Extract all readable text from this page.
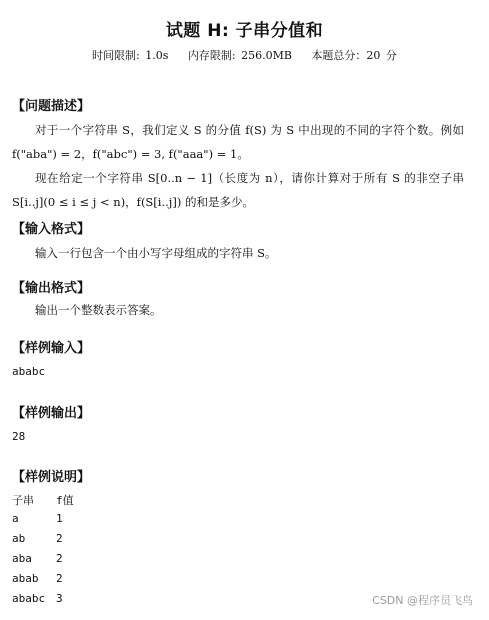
试题 H: 子串分值和
时间限制: 1.0s 内存限制: 256.0MB 本题总分：20 分
【问题描述】
对于一个字符串 S，我们定义 S 的分值 f(S) 为 S 中出现的不同的字符个数。例如 f("aba") = 2，f("abc") = 3, f("aaa") = 1。
现在给定一个字符串 S[0..n − 1]（长度为 n），请你计算对于所有 S 的非空子串 S[i..j](0 ≤ i ≤ j < n)，f(S[i..j]) 的和是多少。
【输入格式】
输入一行包含一个由小写字母组成的字符串 S。
【输出格式】
输出一个整数表示答案。
【样例输入】
ababc
【样例输出】
28
【样例说明】
子串	f值
a	1
ab	2
aba	2
abab	2
ababc 3	CSDN @程序员飞鸟
